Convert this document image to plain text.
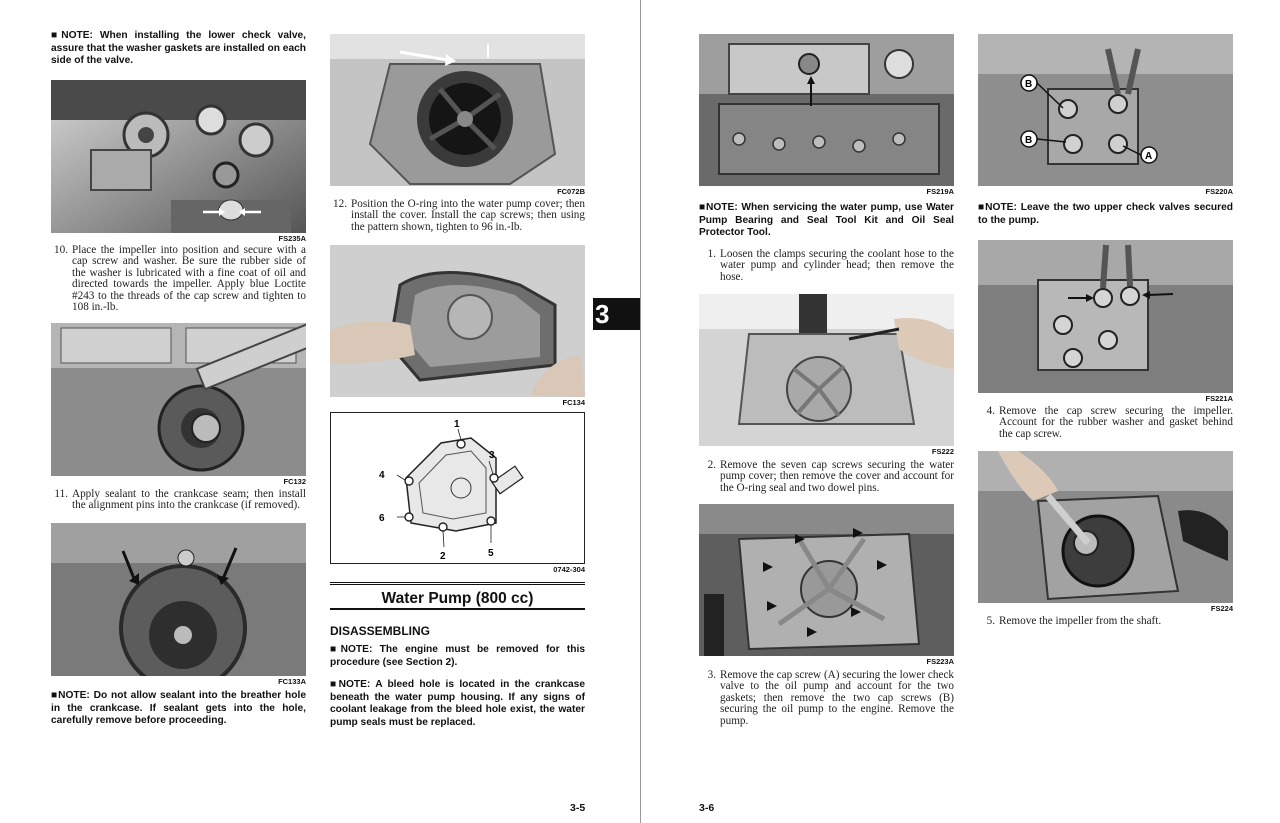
■NOTE: When installing the lower check valve, assure that the washer gaskets are installed on each side of the valve.
FS235A
10. Place the impeller into position and secure with a cap screw and washer. Be sure the rubber side of the washer is lubricated with a fine coat of oil and directed towards the impeller. Apply blue Loctite #243 to the threads of the cap screw and tighten to 108 in.-lb.
FC132
11. Apply sealant to the crankcase seam; then install the alignment pins into the crankcase (if removed).
FC133A
■NOTE: Do not allow sealant into the breather hole in the crankcase. If sealant gets into the hole, carefully remove before proceeding.
FC072B
12. Position the O-ring into the water pump cover; then install the cover. Install the cap screws; then using the pattern shown, tighten to 96 in.-lb.
FC134
1
2
3
4
5
6
0742-304
Water Pump (800 cc)
DISASSEMBLING
■NOTE: The engine must be removed for this procedure (see Section 2).
■NOTE: A bleed hole is located in the crankcase beneath the water pump housing. If any signs of coolant leakage from the bleed hole exist, the water pump seals must be replaced.
3-5
3
FS219A
■NOTE: When servicing the water pump, use Water Pump Bearing and Seal Tool Kit and Oil Seal Protector Tool.
1. Loosen the clamps securing the coolant hose to the water pump and cylinder head; then remove the hose.
FS222
2. Remove the seven cap screws securing the water pump cover; then remove the cover and account for the O-ring seal and two dowel pins.
FS223A
3. Remove the cap screw (A) securing the lower check valve to the oil pump and account for the two gaskets; then remove the two cap screws (B) securing the oil pump to the engine. Remove the pump.
B
B
A
FS220A
■NOTE: Leave the two upper check valves secured to the pump.
FS221A
4. Remove the cap screw securing the impeller. Account for the rubber washer and gasket behind the cap screw.
FS224
5. Remove the impeller from the shaft.
3-6
